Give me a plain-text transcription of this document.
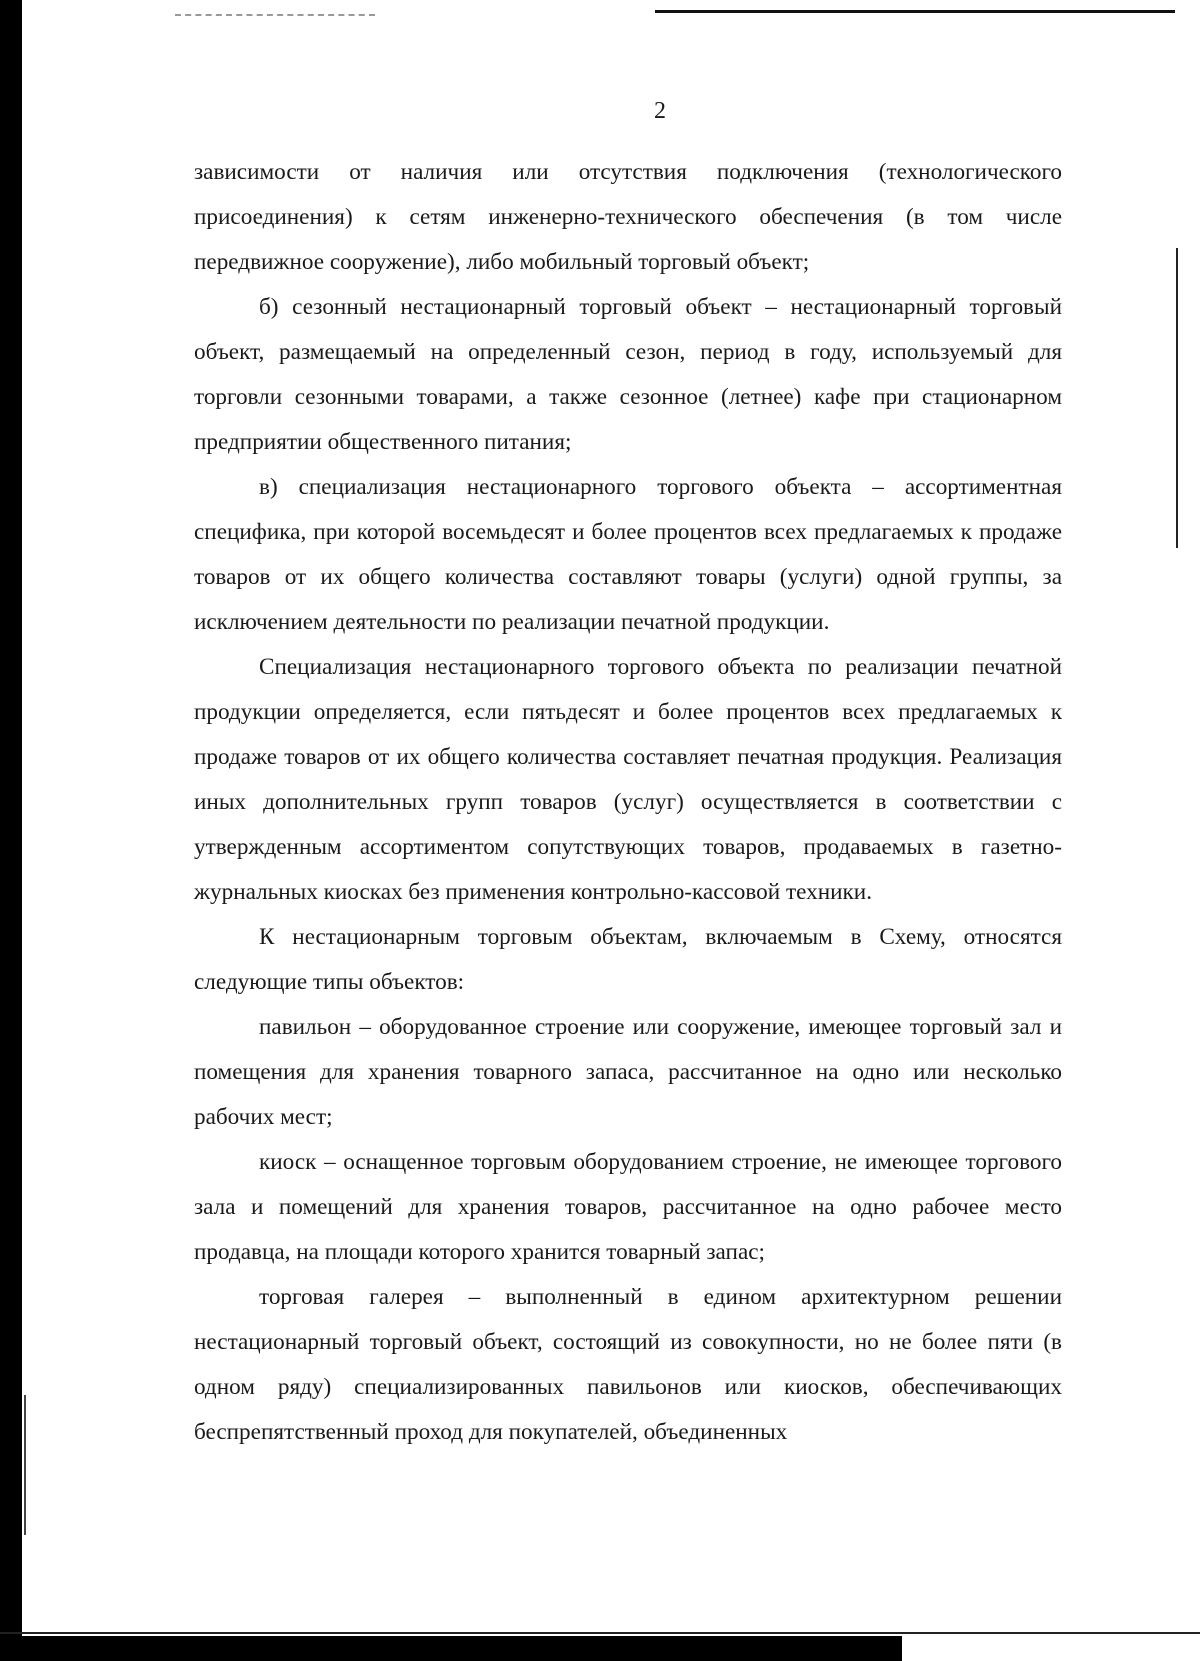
2

зависимости от наличия или отсутствия подключения (технологического присоединения) к сетям инженерно-технического обеспечения (в том числе передвижное сооружение), либо мобильный торговый объект;

б) сезонный нестационарный торговый объект – нестационарный торговый объект, размещаемый на определенный сезон, период в году, используемый для торговли сезонными товарами, а также сезонное (летнее) кафе при стационарном предприятии общественного питания;

в) специализация нестационарного торгового объекта – ассортиментная специфика, при которой восемьдесят и более процентов всех предлагаемых к продаже товаров от их общего количества составляют товары (услуги) одной группы, за исключением деятельности по реализации печатной продукции.

Специализация нестационарного торгового объекта по реализации печатной продукции определяется, если пятьдесят и более процентов всех предлагаемых к продаже товаров от их общего количества составляет печатная продукция. Реализация иных дополнительных групп товаров (услуг) осуществляется в соответствии с утвержденным ассортиментом сопутствующих товаров, продаваемых в газетно-журнальных киосках без применения контрольно-кассовой техники.

К нестационарным торговым объектам, включаемым в Схему, относятся следующие типы объектов:

павильон – оборудованное строение или сооружение, имеющее торговый зал и помещения для хранения товарного запаса, рассчитанное на одно или несколько рабочих мест;

киоск – оснащенное торговым оборудованием строение, не имеющее торгового зала и помещений для хранения товаров, рассчитанное на одно рабочее место продавца, на площади которого хранится товарный запас;

торговая галерея – выполненный в едином архитектурном решении нестационарный торговый объект, состоящий из совокупности, но не более пяти (в одном ряду) специализированных павильонов или киосков, обеспечивающих беспрепятственный проход для покупателей, объединенных
